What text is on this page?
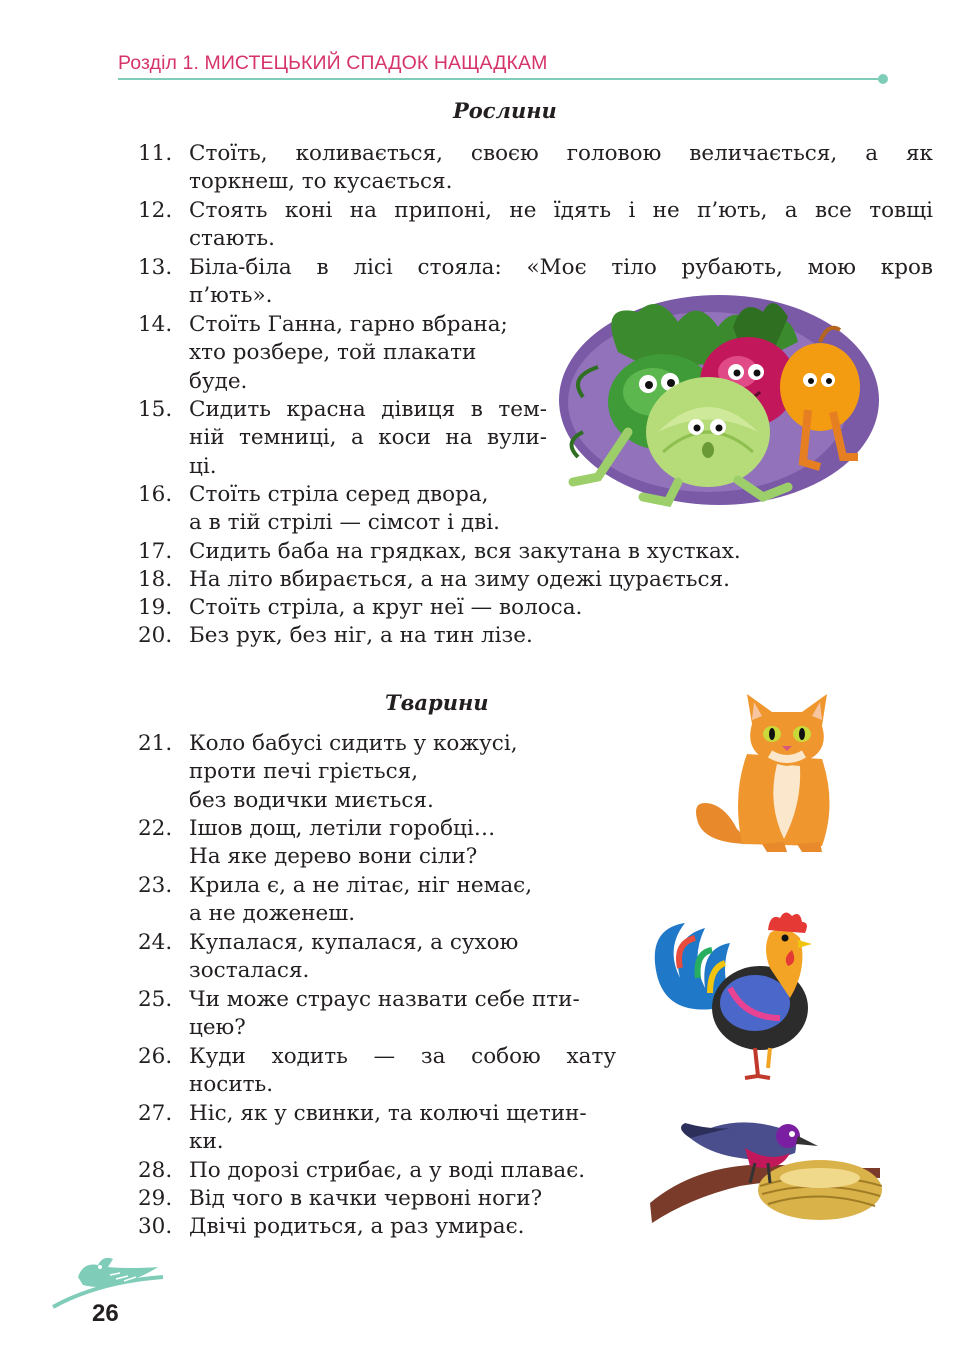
Розділ 1. МИСТЕЦЬКИЙ СПАДОК НАЩАДКАМ
Рослини
11. Стоїть, коливається, своєю головою величається, а як
торкнеш, то кусається.
12. Стоять коні на припоні, не їдять і не п’ють, а все товщі
стають.
13. Біла-біла в лісі стояла: «Моє тіло рубають, мою кров
п’ють».
14. Стоїть Ганна, гарно вбрана;
хто розбере, той плакати
буде.
15. Сидить красна дівиця в тем-
ній темниці, а коси на вули-
ці.
16. Стоїть стріла серед двора,
а в тій стрілі — сімсот і дві.
17. Сидить баба на грядках, вся закутана в хустках.
18. На літо вбирається, а на зиму одежі цурається.
19. Стоїть стріла, а круг неї — волоса.
20. Без рук, без ніг, а на тин лізе.
21. Коло бабусі сидить у кожусі,
проти печі гріється,
без водички миється.
22. Ішов дощ, летіли горобці…
На яке дерево вони сіли?
23. Крила є, а не літає, ніг немає,
а не доженеш.
24. Купалася, купалася, а сухою
зосталася.
25. Чи може страус назвати себе пти-
цею?
26. Куди ходить — за собою хату
носить.
27. Ніс, як у свинки, та колючі щетин-
ки.
28. По дорозі стрибає, а у воді плаває.
29. Від чого в качки червоні ноги?
30. Двічі родиться, а раз умирає.
Тварини
26
